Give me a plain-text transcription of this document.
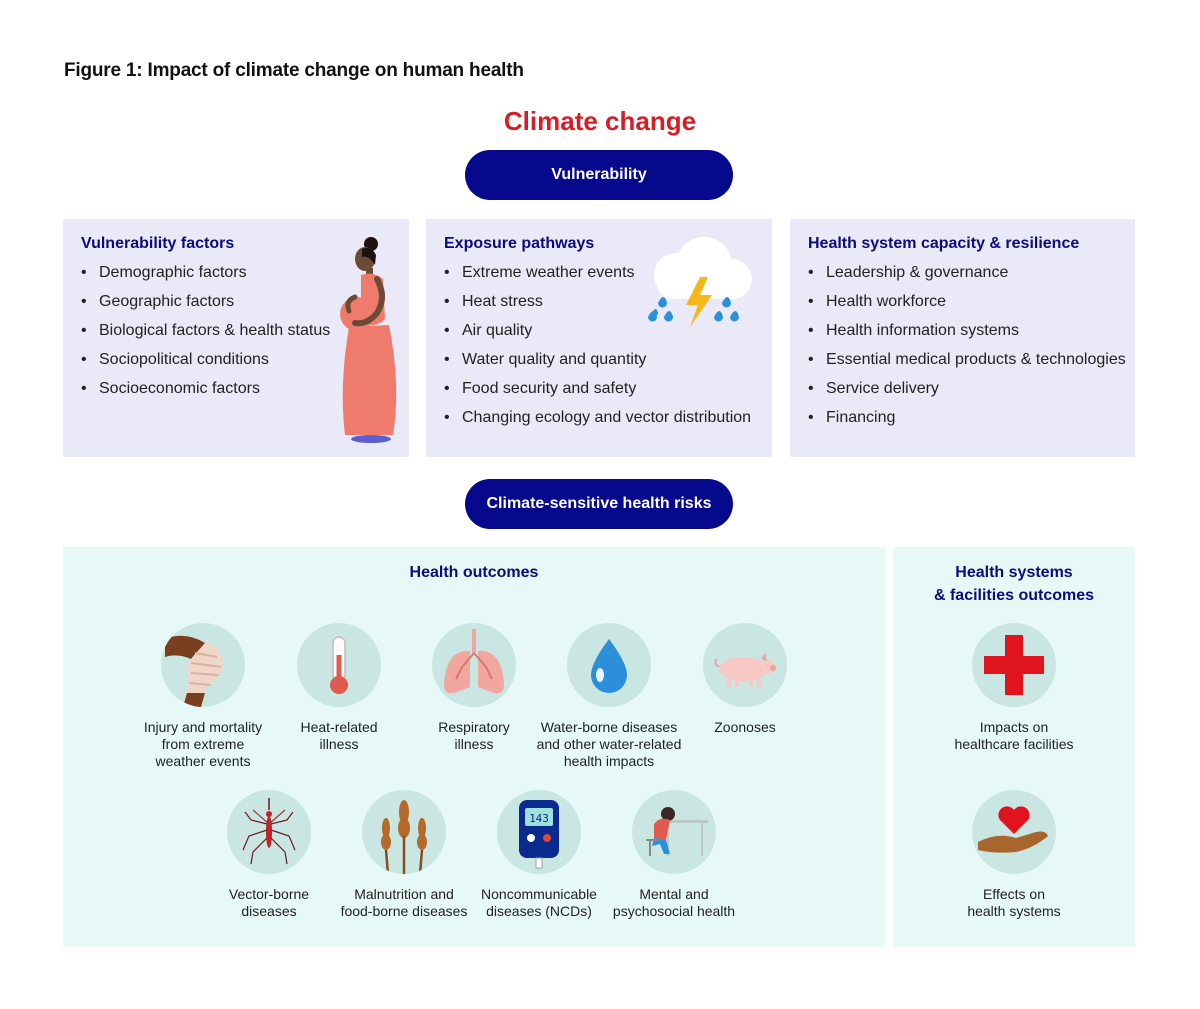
Figure 1: Impact of climate change on human health
Climate change
Vulnerability
Vulnerability factors
• Demographic factors
• Geographic factors
• Biological factors & health status
• Sociopolitical conditions
• Socioeconomic factors
Exposure pathways
• Extreme weather events
• Heat stress
• Air quality
• Water quality and quantity
• Food security and safety
• Changing ecology and vector distribution
Health system capacity & resilience
• Leadership & governance
• Health workforce
• Health information systems
• Essential medical products & technologies
• Service delivery
• Financing
Climate-sensitive health risks
Health outcomes
Injury and mortality
from extreme
weather events
Heat-related
illness
Respiratory
illness
Water-borne diseases
and other water-related
health impacts
Zoonoses
Vector-borne
diseases
Malnutrition and
food-borne diseases
143
Noncommunicable
diseases (NCDs)
Mental and
psychosocial health
Health systems
& facilities outcomes
Impacts on
healthcare facilities
Effects on
health systems
